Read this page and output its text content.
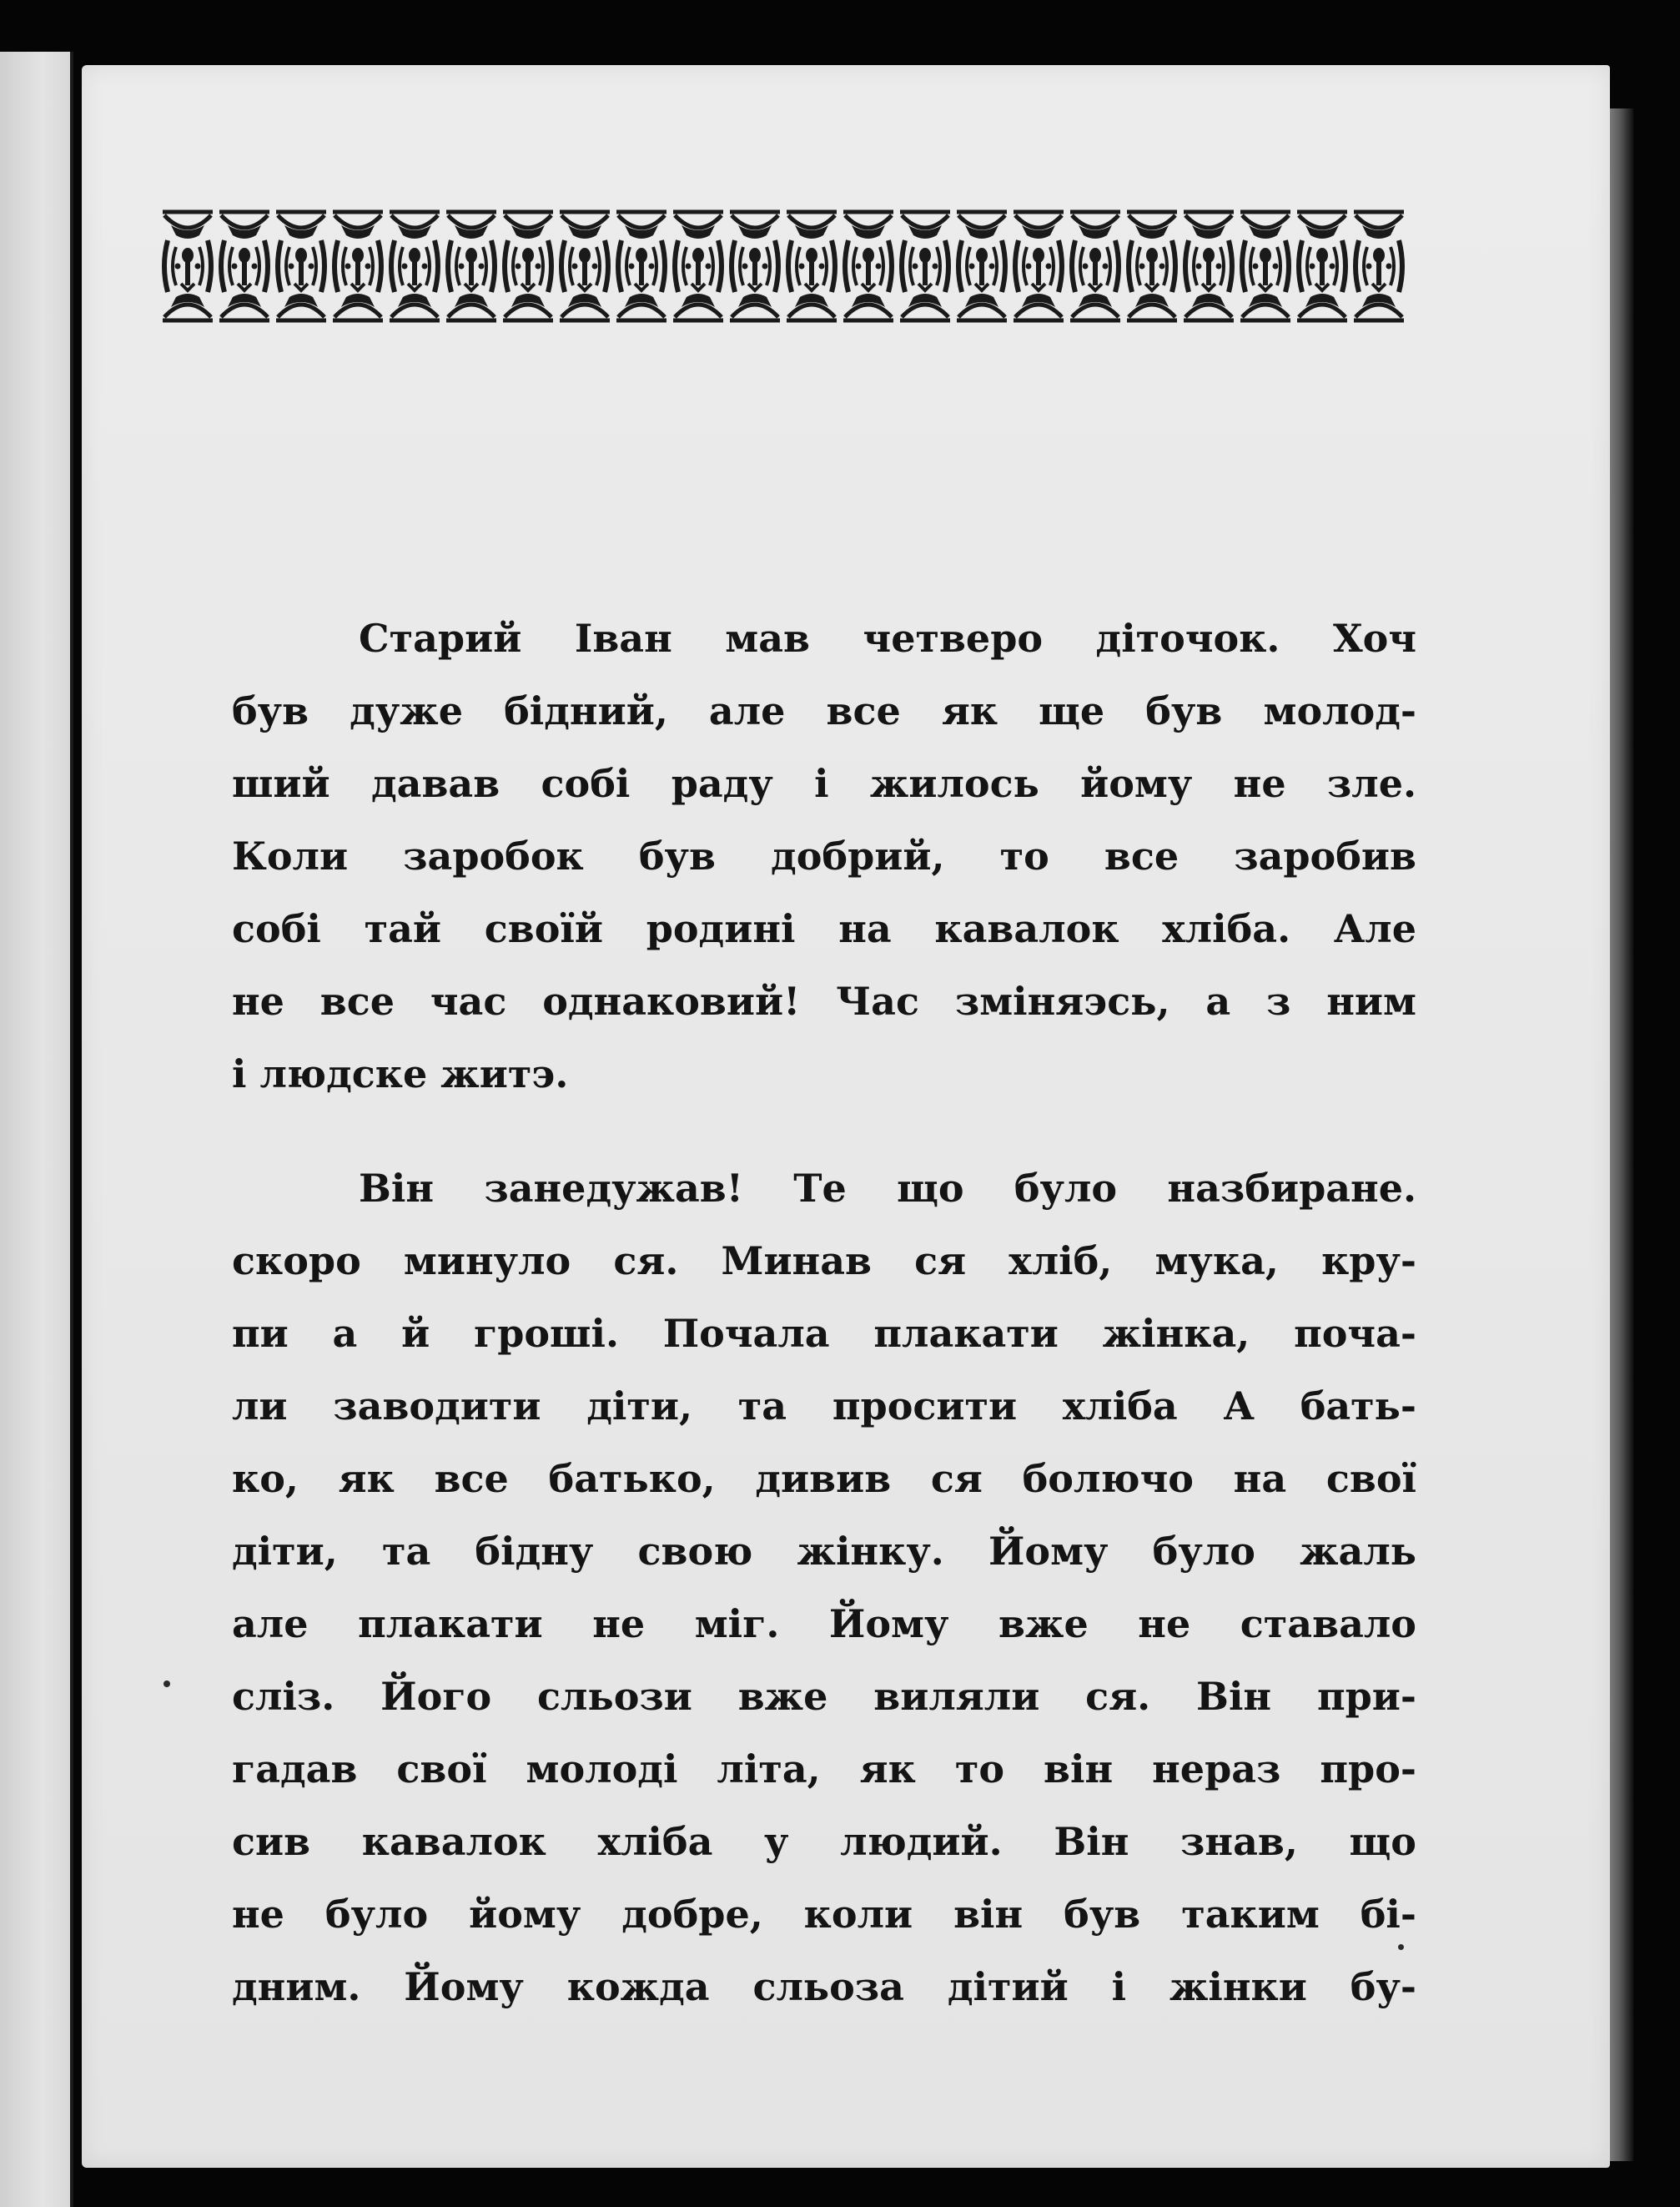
Старий Іван мав четверо діточок. Хоч
був дуже бідний, але все як ще був молод-
ший давав собі раду і жилось йому не зле.
Коли заробок був добрий, то все заробив
собі тай своїй родині на кавалок хліба. Але
не все час однаковий! Час зміняэсь, а з ним
і людске житэ.

Він занедужав! Те що було назбиране.
скоро минуло ся. Минав ся хліб, мука, кру-
пи а й гроші. Почала плакати жінка, поча-
ли заводити діти, та просити хліба А бать-
ко, як все батько, дивив ся болючо на свої
діти, та бідну свою жінку. Йому було жаль
але плакати не міг. Йому вже не ставало
сліз. Його сльози вже виляли ся. Він при-
гадав свої молоді літа, як то він нераз про-
сив кавалок хліба у людий. Він знав, що
не було йому добре, коли він був таким бі-
дним. Йому кожда сльоза дітий і жінки бу-
